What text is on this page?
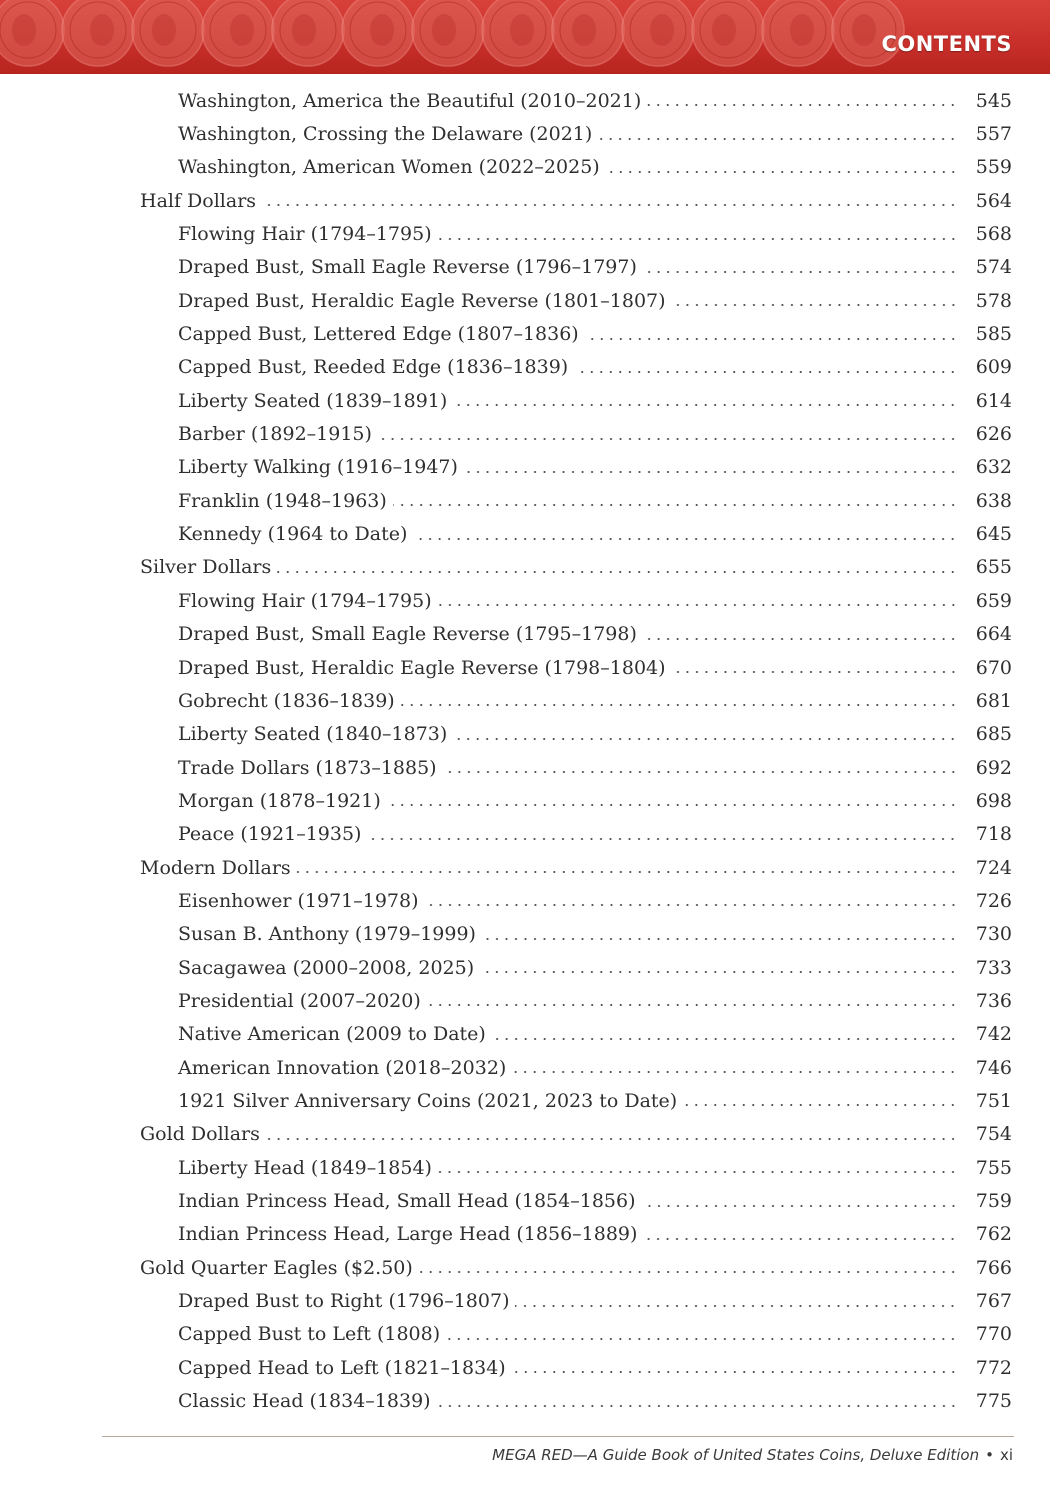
CONTENTS
Washington, America the Beautiful (2010–2021)	545
Washington, Crossing the Delaware (2021)	557
Washington, American Women (2022–2025)	559
Half Dollars	564
Flowing Hair (1794–1795)	568
Draped Bust, Small Eagle Reverse (1796–1797)	574
Draped Bust, Heraldic Eagle Reverse (1801–1807)	578
Capped Bust, Lettered Edge (1807–1836)	585
Capped Bust, Reeded Edge (1836–1839)	609
Liberty Seated (1839–1891)	614
Barber (1892–1915)	626
Liberty Walking (1916–1947)	632
Franklin (1948–1963)	638
Kennedy (1964 to Date)	645
Silver Dollars	655
Flowing Hair (1794–1795)	659
Draped Bust, Small Eagle Reverse (1795–1798)	664
Draped Bust, Heraldic Eagle Reverse (1798–1804)	670
Gobrecht (1836–1839)	681
Liberty Seated (1840–1873)	685
Trade Dollars (1873–1885)	692
Morgan (1878–1921)	698
Peace (1921–1935)	718
Modern Dollars	724
Eisenhower (1971–1978)	726
Susan B. Anthony (1979–1999)	730
Sacagawea (2000–2008, 2025)	733
Presidential (2007–2020)	736
Native American (2009 to Date)	742
American Innovation (2018–2032)	746
1921 Silver Anniversary Coins (2021, 2023 to Date)	751
Gold Dollars	754
Liberty Head (1849–1854)	755
Indian Princess Head, Small Head (1854–1856)	759
Indian Princess Head, Large Head (1856–1889)	762
Gold Quarter Eagles ($2.50)	766
Draped Bust to Right (1796–1807)	767
Capped Bust to Left (1808)	770
Capped Head to Left (1821–1834)	772
Classic Head (1834–1839)	775
MEGA RED—A Guide Book of United States Coins, Deluxe Edition • xi
